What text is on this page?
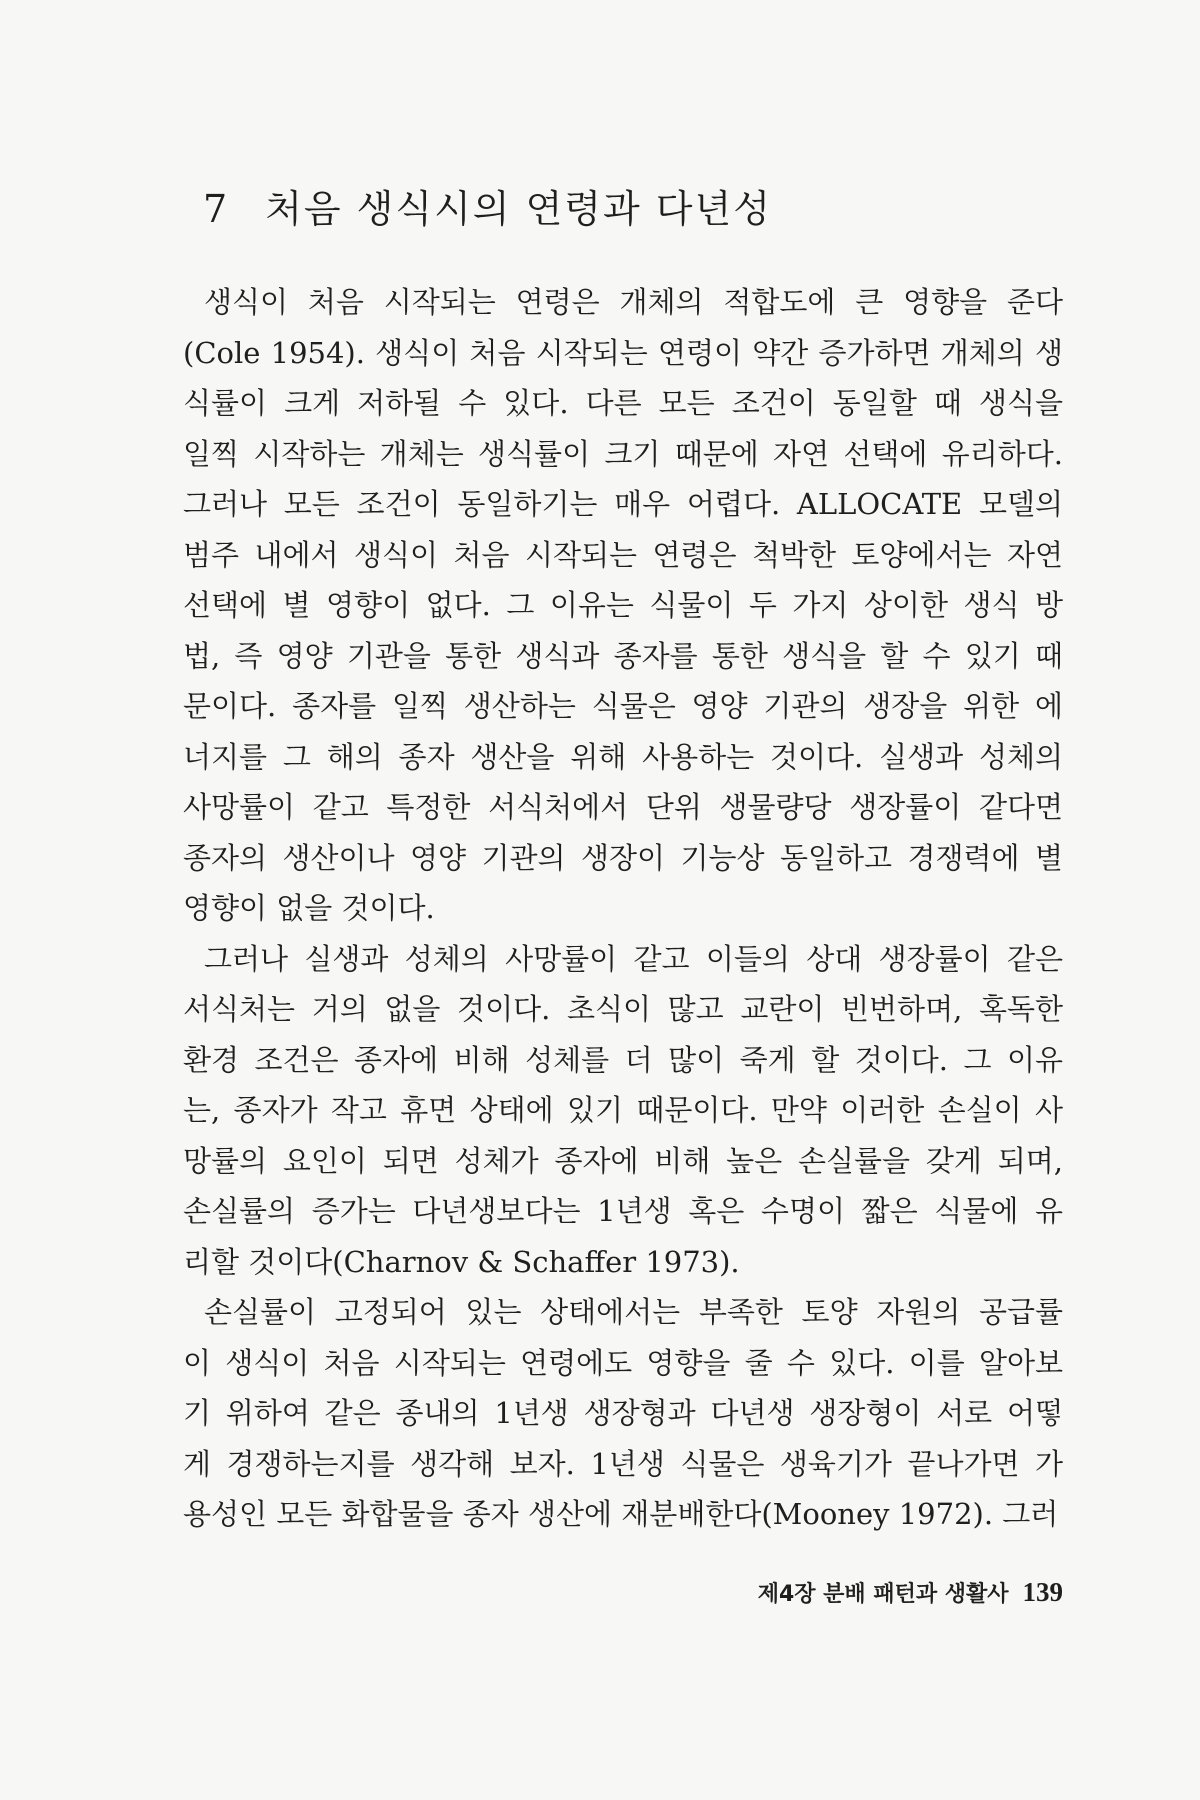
7 처음 생식시의 연령과 다년성
생식이 처음 시작되는 연령은 개체의 적합도에 큰 영향을 준다
(Cole 1954). 생식이 처음 시작되는 연령이 약간 증가하면 개체의 생
식률이 크게 저하될 수 있다. 다른 모든 조건이 동일할 때 생식을
일찍 시작하는 개체는 생식률이 크기 때문에 자연 선택에 유리하다.
그러나 모든 조건이 동일하기는 매우 어렵다. ALLOCATE 모델의
범주 내에서 생식이 처음 시작되는 연령은 척박한 토양에서는 자연
선택에 별 영향이 없다. 그 이유는 식물이 두 가지 상이한 생식 방
법, 즉 영양 기관을 통한 생식과 종자를 통한 생식을 할 수 있기 때
문이다. 종자를 일찍 생산하는 식물은 영양 기관의 생장을 위한 에
너지를 그 해의 종자 생산을 위해 사용하는 것이다. 실생과 성체의
사망률이 같고 특정한 서식처에서 단위 생물량당 생장률이 같다면
종자의 생산이나 영양 기관의 생장이 기능상 동일하고 경쟁력에 별
영향이 없을 것이다.
그러나 실생과 성체의 사망률이 같고 이들의 상대 생장률이 같은
서식처는 거의 없을 것이다. 초식이 많고 교란이 빈번하며, 혹독한
환경 조건은 종자에 비해 성체를 더 많이 죽게 할 것이다. 그 이유
는, 종자가 작고 휴면 상태에 있기 때문이다. 만약 이러한 손실이 사
망률의 요인이 되면 성체가 종자에 비해 높은 손실률을 갖게 되며,
손실률의 증가는 다년생보다는 1년생 혹은 수명이 짧은 식물에 유
리할 것이다(Charnov & Schaffer 1973).
손실률이 고정되어 있는 상태에서는 부족한 토양 자원의 공급률
이 생식이 처음 시작되는 연령에도 영향을 줄 수 있다. 이를 알아보
기 위하여 같은 종내의 1년생 생장형과 다년생 생장형이 서로 어떻
게 경쟁하는지를 생각해 보자. 1년생 식물은 생육기가 끝나가면 가
용성인 모든 화합물을 종자 생산에 재분배한다(Mooney 1972). 그러
제4장 분배 패턴과 생활사 139
